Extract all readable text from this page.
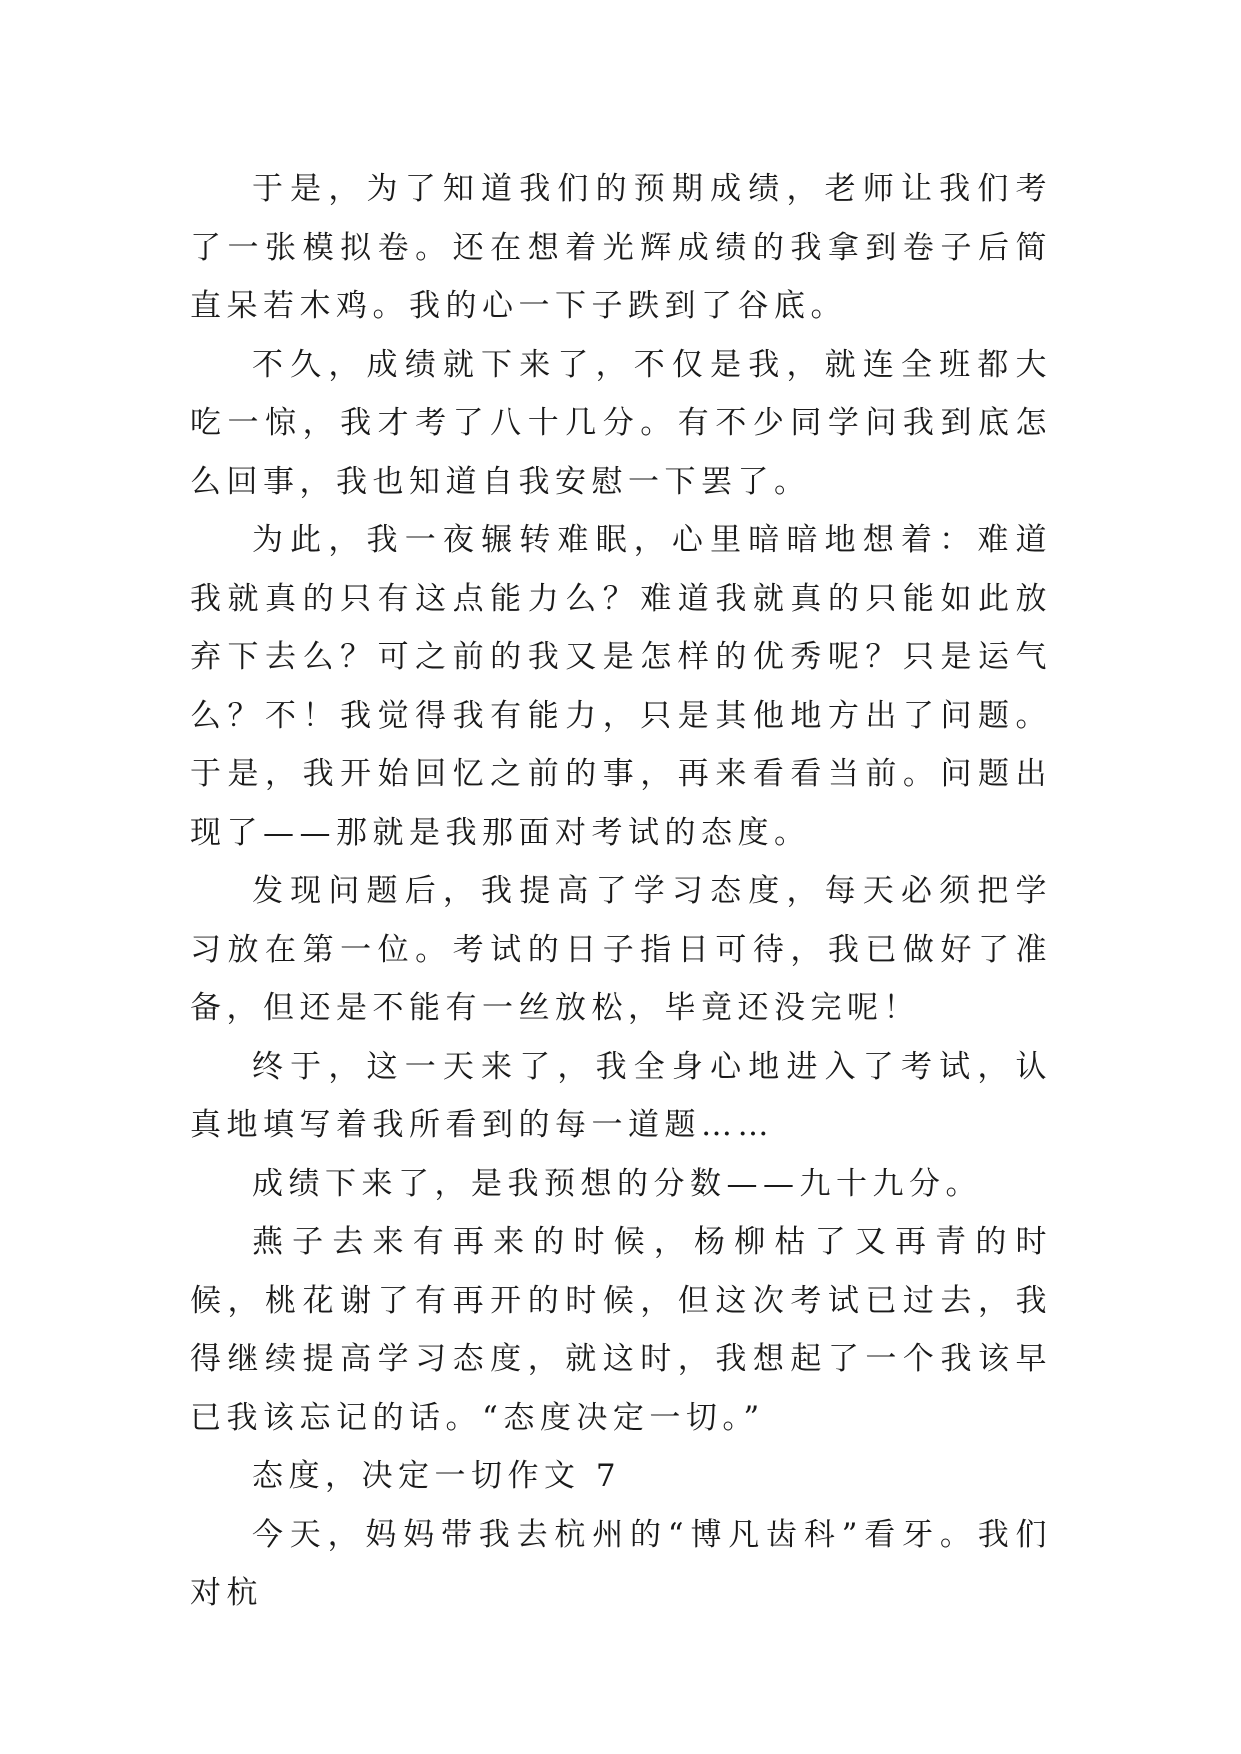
于是，为了知道我们的预期成绩，老师让我们考了一张模拟卷。还在想着光辉成绩的我拿到卷子后简直呆若木鸡。我的心一下子跌到了谷底。

不久，成绩就下来了，不仅是我，就连全班都大吃一惊，我才考了八十几分。有不少同学问我到底怎么回事，我也知道自我安慰一下罢了。

为此，我一夜辗转难眠，心里暗暗地想着：难道我就真的只有这点能力么？难道我就真的只能如此放弃下去么？可之前的我又是怎样的优秀呢？只是运气么？不！我觉得我有能力，只是其他地方出了问题。于是，我开始回忆之前的事，再来看看当前。问题出现了——那就是我那面对考试的态度。

发现问题后，我提高了学习态度，每天必须把学习放在第一位。考试的日子指日可待，我已做好了准备，但还是不能有一丝放松，毕竟还没完呢！

终于，这一天来了，我全身心地进入了考试，认真地填写着我所看到的每一道题……

成绩下来了，是我预想的分数——九十九分。

燕子去来有再来的时候，杨柳枯了又再青的时候，桃花谢了有再开的时候，但这次考试已过去，我得继续提高学习态度，就这时，我想起了一个我该早已我该忘记的话。“态度决定一切。”

态度，决定一切作文 7

今天，妈妈带我去杭州的“博凡齿科”看牙。我们对杭
